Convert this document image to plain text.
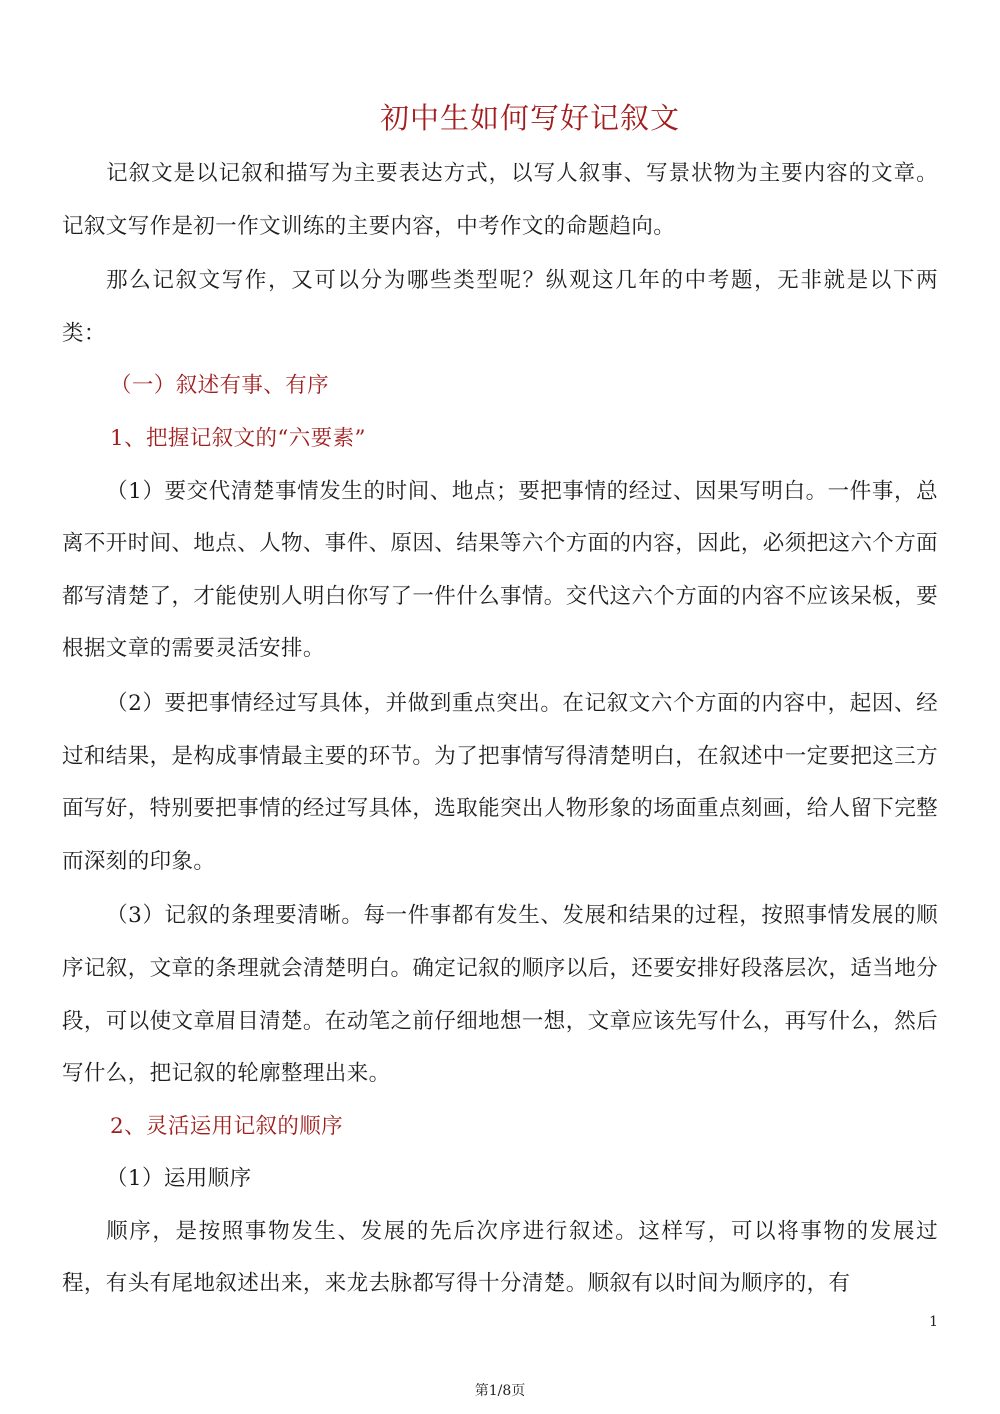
初中生如何写好记叙文

记叙文是以记叙和描写为主要表达方式，以写人叙事、写景状物为主要内容的文章。记叙文写作是初一作文训练的主要内容，中考作文的命题趋向。

那么记叙文写作，又可以分为哪些类型呢？纵观这几年的中考题，无非就是以下两类：

（一）叙述有事、有序

1、把握记叙文的“六要素”

（1）要交代清楚事情发生的时间、地点；要把事情的经过、因果写明白。一件事，总离不开时间、地点、人物、事件、原因、结果等六个方面的内容，因此，必须把这六个方面都写清楚了，才能使别人明白你写了一件什么事情。交代这六个方面的内容不应该呆板，要根据文章的需要灵活安排。

（2）要把事情经过写具体，并做到重点突出。在记叙文六个方面的内容中，起因、经过和结果，是构成事情最主要的环节。为了把事情写得清楚明白，在叙述中一定要把这三方面写好，特别要把事情的经过写具体，选取能突出人物形象的场面重点刻画，给人留下完整而深刻的印象。

（3）记叙的条理要清晰。每一件事都有发生、发展和结果的过程，按照事情发展的顺序记叙，文章的条理就会清楚明白。确定记叙的顺序以后，还要安排好段落层次，适当地分段，可以使文章眉目清楚。在动笔之前仔细地想一想，文章应该先写什么，再写什么，然后写什么，把记叙的轮廓整理出来。

2、灵活运用记叙的顺序

（1）运用顺序

顺序，是按照事物发生、发展的先后次序进行叙述。这样写，可以将事物的发展过程，有头有尾地叙述出来，来龙去脉都写得十分清楚。顺叙有以时间为顺序的，有

1
第1/8页
